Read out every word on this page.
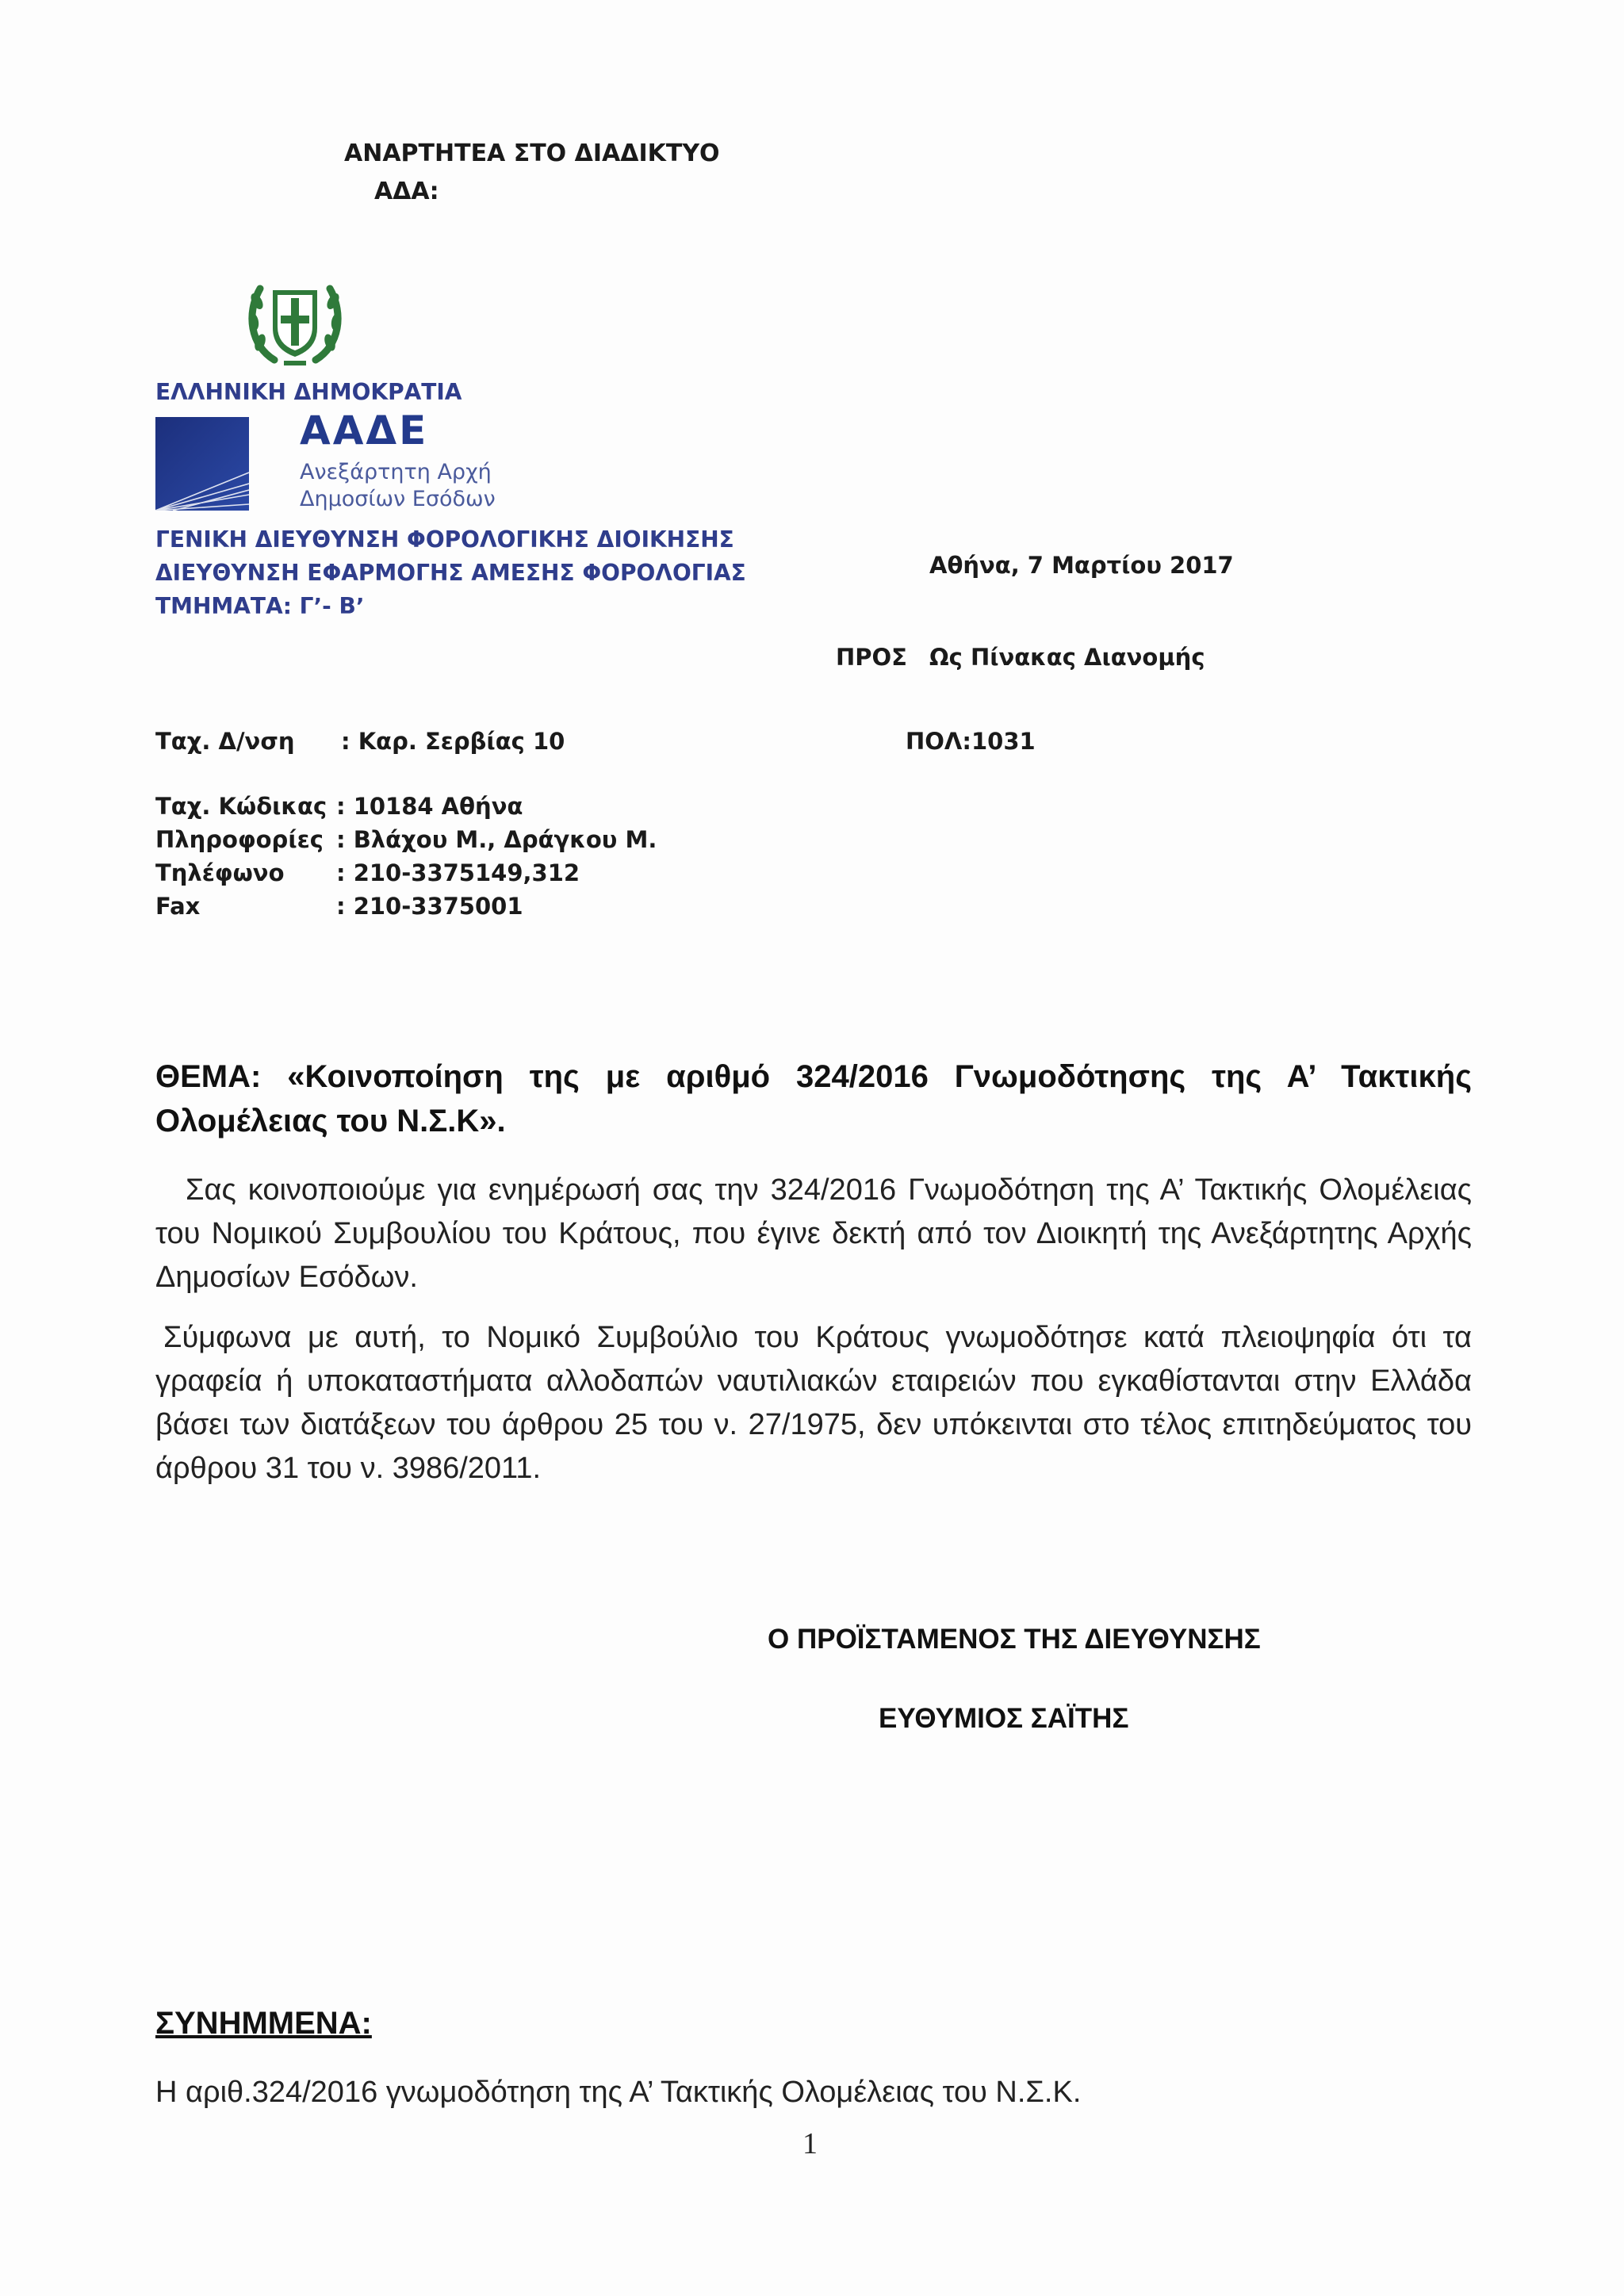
ΑΝΑΡΤΗΤΕΑ ΣΤΟ ΔΙΑΔΙΚΤΥΟ
ΑΔΑ:
ΕΛΛΗΝΙΚΗ ΔΗΜΟΚΡΑΤΙΑ
ΑΑΔΕ
Ανεξάρτητη Αρχή
Δημοσίων Εσόδων
ΓΕΝΙΚΗ ΔΙΕΥΘΥΝΣΗ ΦΟΡΟΛΟΓΙΚΗΣ ΔΙΟΙΚΗΣΗΣ
ΔΙΕΥΘΥΝΣΗ ΕΦΑΡΜΟΓΗΣ ΑΜΕΣΗΣ ΦΟΡΟΛΟΓΙΑΣ
ΤΜΗΜΑΤΑ: Γ’- Β’
Αθήνα, 7 Μαρτίου 2017
ΠΡΟΣ Ως Πίνακας Διανομής
ΠΟΛ:1031
Ταχ. Δ/νση : Καρ. Σερβίας 10
Ταχ. Κώδικας : 10184 Αθήνα
Πληροφορίες : Βλάχου Μ., Δράγκου Μ.
Τηλέφωνο : 210-3375149,312
Fax	: 210-3375001
ΘΕΜΑ: «Κοινοποίηση της με αριθμό 324/2016 Γνωμοδότησης της Α’ Τακτικής Ολομέλειας του Ν.Σ.Κ».
Σας κοινοποιούμε για ενημέρωσή σας την 324/2016 Γνωμοδότηση της Α’ Τακτικής Ολομέλειας του Νομικού Συμβουλίου του Κράτους, που έγινε δεκτή από τον Διοικητή της Ανεξάρτητης Αρχής Δημοσίων Εσόδων.
Σύμφωνα με αυτή, το Νομικό Συμβούλιο του Κράτους γνωμοδότησε κατά πλειοψηφία ότι τα γραφεία ή υποκαταστήματα αλλοδαπών ναυτιλιακών εταιρειών που εγκαθίστανται στην Ελλάδα βάσει των διατάξεων του άρθρου 25 του ν. 27/1975, δεν υπόκεινται στο τέλος επιτηδεύματος του άρθρου 31 του ν. 3986/2011.
Ο ΠΡΟΪΣΤΑΜΕΝΟΣ ΤΗΣ ΔΙΕΥΘΥΝΣΗΣ
ΕΥΘΥΜΙΟΣ ΣΑΪΤΗΣ
ΣΥΝΗΜΜΕΝΑ:
Η αριθ.324/2016 γνωμοδότηση της Α’ Τακτικής Ολομέλειας του Ν.Σ.Κ.
1
